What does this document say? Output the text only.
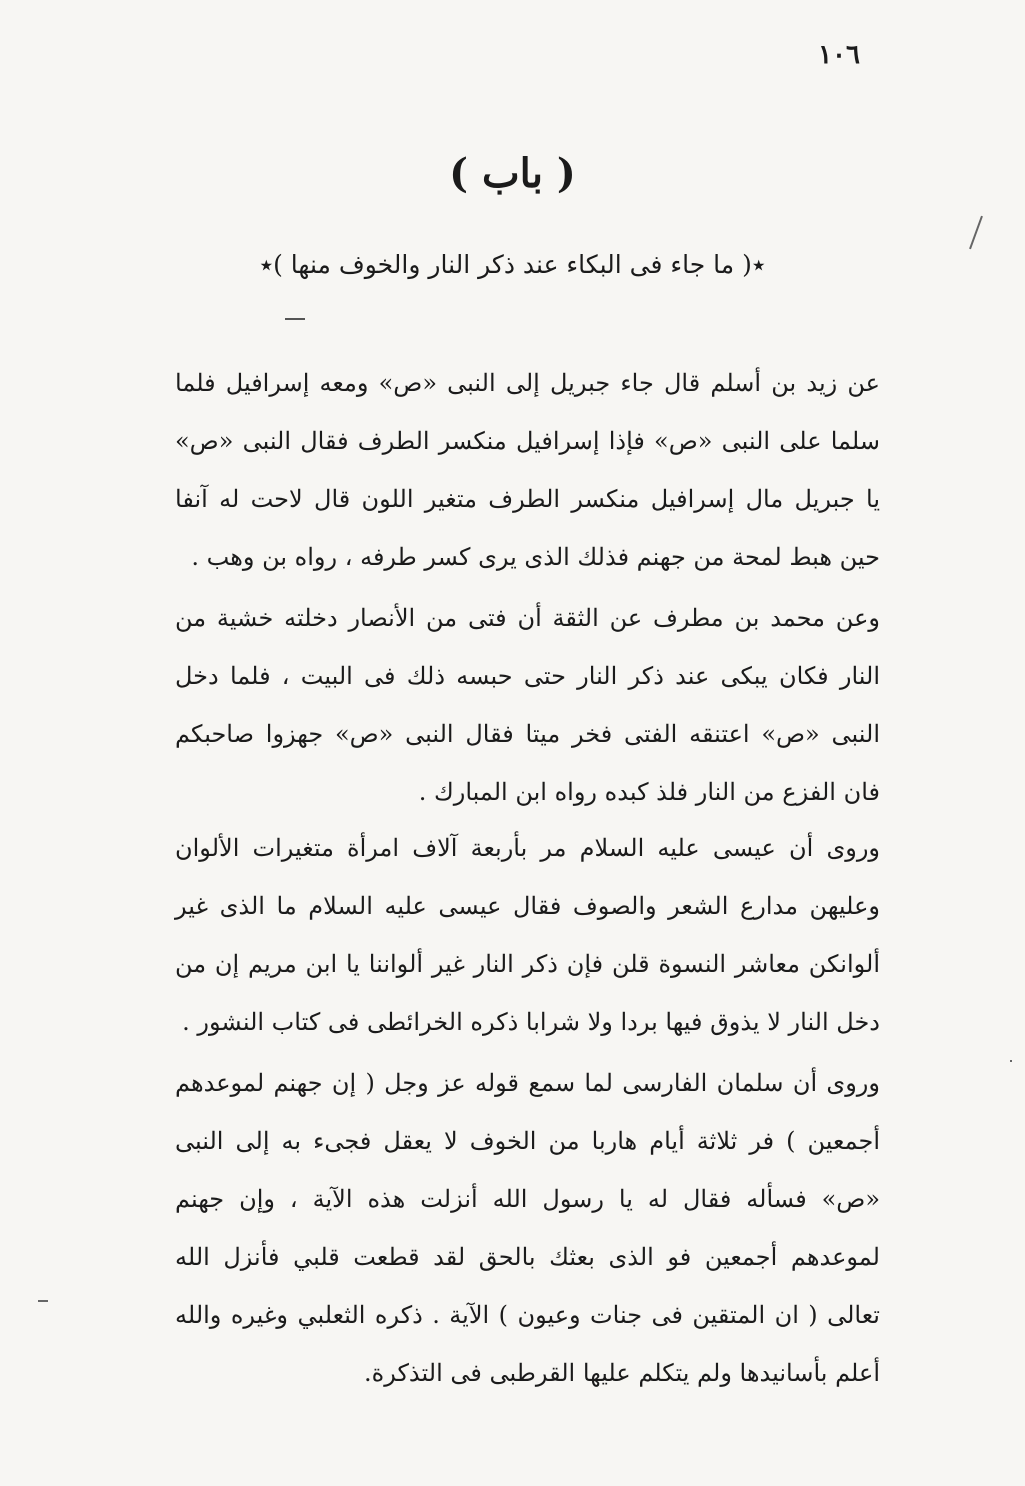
١٠٦
( باب )
٭( ما جاء فى البكاء عند ذكر النار والخوف منها )٭

عن زيد بن أسلم قال جاء جبريل إلى النبى «ص» ومعه إسرافيل فلما سلما على النبى «ص» فإذا إسرافيل منكسر الطرف فقال النبى «ص» يا جبريل مال إسرافيل منكسر الطرف متغير اللون قال لاحت له آنفا حين هبط لمحة من جهنم فذلك الذى يرى كسر طرفه ، رواه بن وهب .

وعن محمد بن مطرف عن الثقة أن فتى من الأنصار دخلته خشية من النار فكان يبكى عند ذكر النار حتى حبسه ذلك فى البيت ، فلما دخل النبى «ص» اعتنقه الفتى فخر ميتا فقال النبى «ص» جهزوا صاحبكم فان الفزع من النار فلذ كبده رواه ابن المبارك .

وروى أن عيسى عليه السلام مر بأربعة آلاف امرأة متغيرات الألوان وعليهن مدارع الشعر والصوف فقال عيسى عليه السلام ما الذى غير ألوانكن معاشر النسوة قلن فإن ذكر النار غير ألواننا يا ابن مريم إن من دخل النار لا يذوق فيها بردا ولا شرابا ذكره الخرائطى فى كتاب النشور .

وروى أن سلمان الفارسى لما سمع قوله عز وجل ( إن جهنم لموعدهم أجمعين ) فر ثلاثة أيام هاربا من الخوف لا يعقل فجىء به إلى النبى «ص» فسأله فقال له يا رسول الله أنزلت هذه الآية ، وإن جهنم لموعدهم أجمعين فو الذى بعثك بالحق لقد قطعت قلبي فأنزل الله تعالى ( ان المتقين فى جنات وعيون ) الآية . ذكره الثعلبي وغيره والله أعلم بأسانيدها ولم يتكلم عليها القرطبى فى التذكرة.
